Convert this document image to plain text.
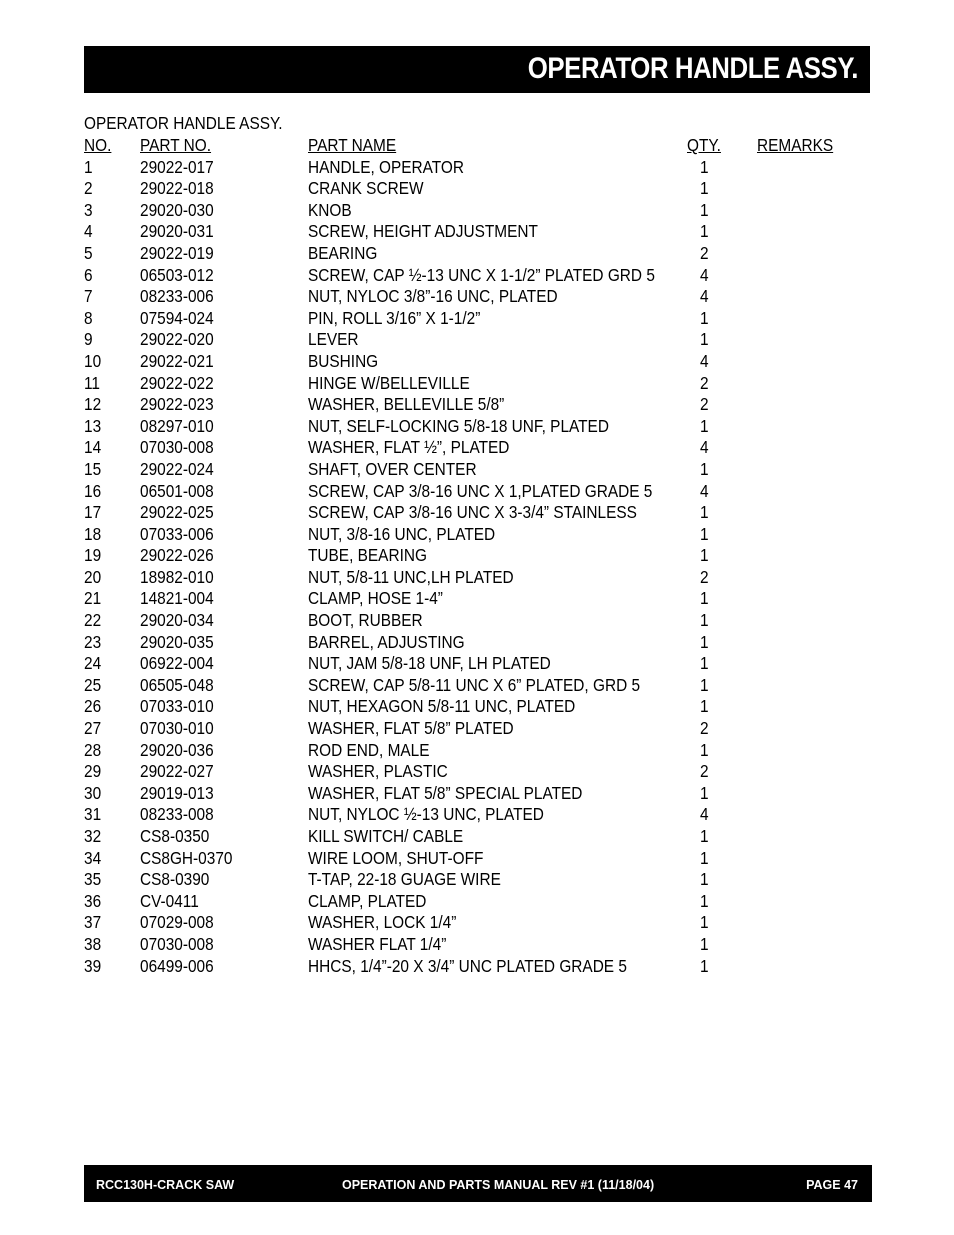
OPERATOR HANDLE ASSY.
OPERATOR HANDLE ASSY.
NO. PART NO.	PART NAME	QTY. REMARKS
1	29022-017	HANDLE, OPERATOR	1
2	29022-018	CRANK SCREW	1
3	29020-030	KNOB	1
4	29020-031	SCREW, HEIGHT ADJUSTMENT	1
5	29022-019	BEARING	2
6	06503-012	SCREW, CAP ½-13 UNC X 1-1/2” PLATED GRD 5	4
7	08233-006	NUT, NYLOC 3/8”-16 UNC, PLATED	4
8	07594-024	PIN, ROLL 3/16” X 1-1/2”	1
9	29022-020	LEVER	1
10 29022-021	BUSHING	4
11 29022-022	HINGE W/BELLEVILLE	2
12 29022-023	WASHER, BELLEVILLE 5/8”	2
13 08297-010	NUT, SELF-LOCKING 5/8-18 UNF, PLATED	1
14 07030-008	WASHER, FLAT ½”, PLATED	4
15 29022-024	SHAFT, OVER CENTER	1
16 06501-008	SCREW, CAP 3/8-16 UNC X 1,PLATED GRADE 5	4
17 29022-025	SCREW, CAP 3/8-16 UNC X 3-3/4” STAINLESS	1
18 07033-006	NUT, 3/8-16 UNC, PLATED	1
19 29022-026	TUBE, BEARING	1
20 18982-010	NUT, 5/8-11 UNC,LH PLATED	2
21 14821-004	CLAMP, HOSE 1-4”	1
22 29020-034	BOOT, RUBBER	1
23 29020-035	BARREL, ADJUSTING	1
24 06922-004	NUT, JAM 5/8-18 UNF, LH PLATED	1
25 06505-048	SCREW, CAP 5/8-11 UNC X 6” PLATED, GRD 5	1
26 07033-010	NUT, HEXAGON 5/8-11 UNC, PLATED	1
27 07030-010	WASHER, FLAT 5/8” PLATED	2
28 29020-036	ROD END, MALE	1
29 29022-027	WASHER, PLASTIC	2
30 29019-013	WASHER, FLAT 5/8” SPECIAL PLATED	1
31 08233-008	NUT, NYLOC ½-13 UNC, PLATED	4
32 CS8-0350	KILL SWITCH/ CABLE	1
34 CS8GH-0370	WIRE LOOM, SHUT-OFF	1
35 CS8-0390	T-TAP, 22-18 GUAGE WIRE	1
36 CV-0411	CLAMP, PLATED	1
37 07029-008	WASHER, LOCK 1/4”	1
38 07030-008	WASHER FLAT 1/4”	1
39 06499-006	HHCS, 1/4”-20 X 3/4” UNC PLATED GRADE 5	1
RCC130H-CRACK SAW	OPERATION AND PARTS MANUAL REV #1 (11/18/04)	PAGE 47
